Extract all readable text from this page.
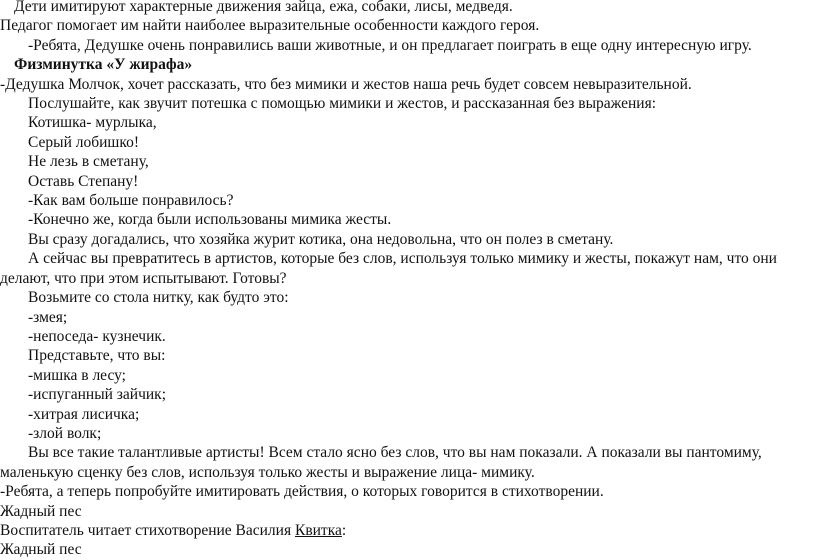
Дети имитируют характерные движения зайца, ежа, собаки, лисы, медведя.
Педагог помогает им найти наиболее выразительные особенности каждого героя.
-Ребята, Дедушке очень понравились ваши животные, и он предлагает поиграть в еще одну интересную игру.
Физминутка «У жирафа»
-Дедушка Молчок, хочет рассказать, что без мимики и жестов наша речь будет совсем невыразительной.
Послушайте, как звучит потешка с помощью мимики и жестов, и рассказанная без выражения:
Котишка- мурлыка,
Серый лобишко!
Не лезь в сметану,
Оставь Степану!
-Как вам больше понравилось?
-Конечно же, когда были использованы мимика жесты.
Вы сразу догадались, что хозяйка журит котика, она недовольна, что он полез в сметану.
А сейчас вы превратитесь в артистов, которые без слов, используя только мимику и жесты, покажут нам, что они
делают, что при этом испытывают. Готовы?
Возьмите со стола нитку, как будто это:
-змея;
-непоседа- кузнечик.
Представьте, что вы:
-мишка в лесу;
-испуганный зайчик;
-хитрая лисичка;
-злой волк;
Вы все такие талантливые артисты! Всем стало ясно без слов, что вы нам показали. А показали вы пантомиму,
маленькую сценку без слов, используя только жесты и выражение лица- мимику.
-Ребята, а теперь попробуйте имитировать действия, о которых говорится в стихотворении.
Жадный пес
Воспитатель читает стихотворение Василия Квитка:
Жадный пес
